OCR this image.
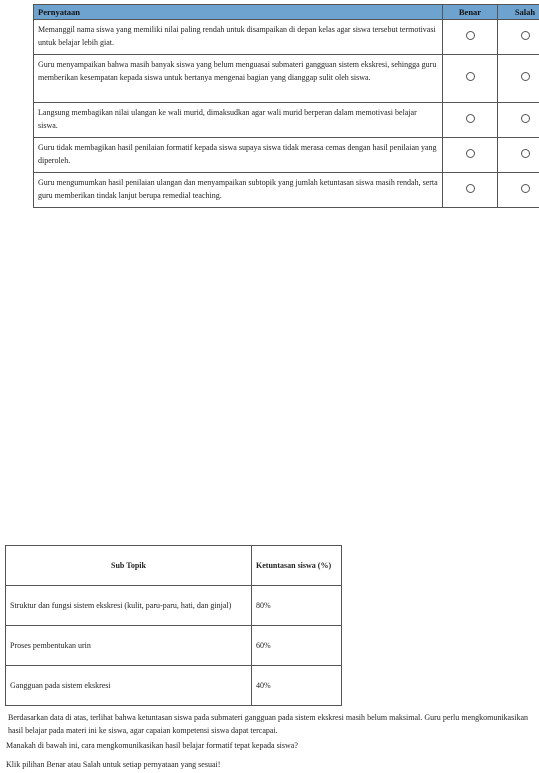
Pernyataan	Benar	Salah
Memanggil nama siswa yang memiliki nilai paling rendah untuk disampaikan di depan kelas agar siswa tersebut termotivasi untuk belajar lebih giat.		
Guru menyampaikan bahwa masih banyak siswa yang belum menguasai submateri gangguan sistem ekskresi, sehingga guru memberikan kesempatan kepada siswa untuk bertanya mengenai bagian yang dianggap sulit oleh siswa.		
Langsung membagikan nilai ulangan ke wali murid, dimaksudkan agar wali murid berperan dalam memotivasi belajar siswa.		
Guru tidak membagikan hasil penilaian formatif kepada siswa supaya siswa tidak merasa cemas dengan hasil penilaian yang diperoleh.		
Guru mengumumkan hasil penilaian ulangan dan menyampaikan subtopik yang jumlah ketuntasan siswa masih rendah, serta guru memberikan tindak lanjut berupa remedial teaching.		
Sub Topik	Ketuntasan siswa (%)
Struktur dan fungsi sistem ekskresi (kulit, paru-paru, hati, dan ginjal)	80%
Proses pembentukan urin	60%
Gangguan pada sistem ekskresi	40%

Berdasarkan data di atas, terlihat bahwa ketuntasan siswa pada submateri gangguan pada sistem ekskresi masih belum maksimal. Guru perlu mengkomunikasikan hasil belajar pada materi ini ke siswa, agar capaian kompetensi siswa dapat tercapai.

Manakah di bawah ini, cara mengkomunikasikan hasil belajar formatif tepat kepada siswa?

Klik pilihan Benar atau Salah untuk setiap pernyataan yang sesuai!
